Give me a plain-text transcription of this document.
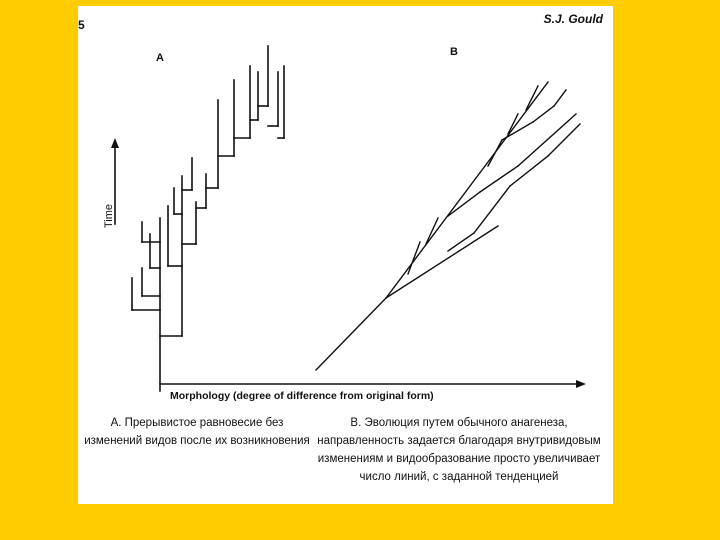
5	S.J. Gould
A	B
Time
Morphology (degree of difference from original form)
А. Прерывистое равновесие без изменений видов после их возникновения
В. Эволюция путем обычного анагенеза, направленность задается благодаря внутривидовым изменениям и видообразование просто увеличивает число линий, с заданной тенденцией
